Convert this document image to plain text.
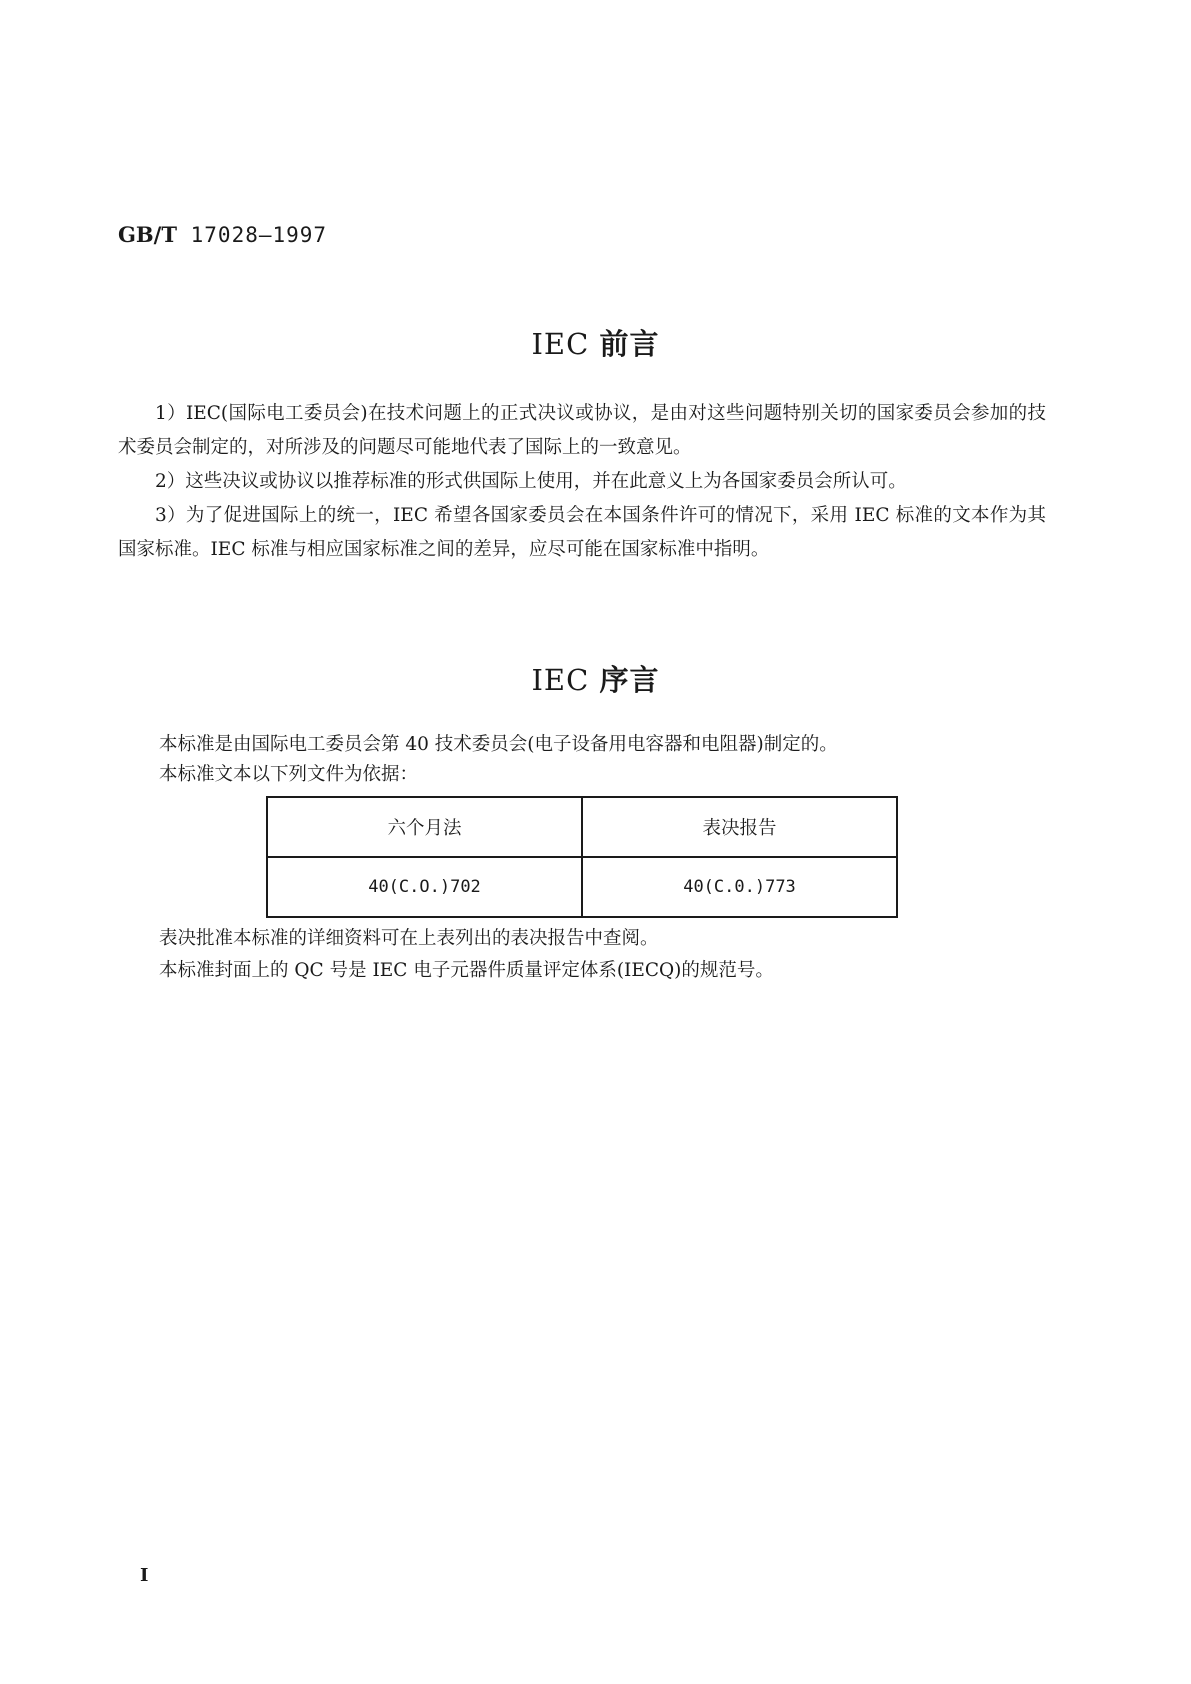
GB/T 17028—1997
IEC 前言

1）IEC(国际电工委员会)在技术问题上的正式决议或协议，是由对这些问题特别关切的国家委员会参加的技术委员会制定的，对所涉及的问题尽可能地代表了国际上的一致意见。

2）这些决议或协议以推荐标准的形式供国际上使用，并在此意义上为各国家委员会所认可。

3）为了促进国际上的统一，IEC 希望各国家委员会在本国条件许可的情况下，采用 IEC 标准的文本作为其国家标准。IEC 标准与相应国家标准之间的差异，应尽可能在国家标准中指明。

IEC 序言

本标准是由国际电工委员会第 40 技术委员会(电子设备用电容器和电阻器)制定的。

本标准文本以下列文件为依据：

六个月法	表决报告
40(C.O.)702	40(C.0.)773

表决批准本标准的详细资料可在上表列出的表决报告中查阅。

本标准封面上的 QC 号是 IEC 电子元器件质量评定体系(IECQ)的规范号。

I
